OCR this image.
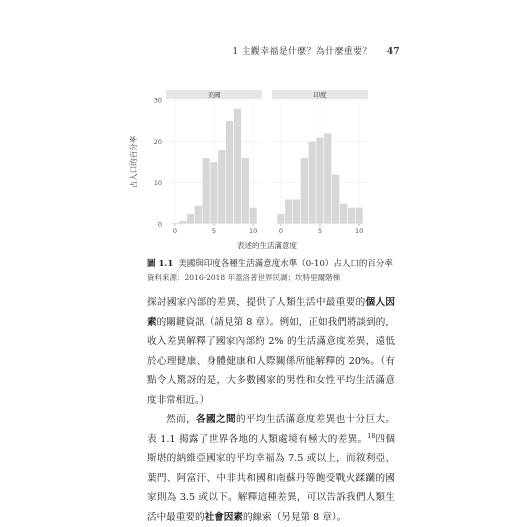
1 主觀幸福是什麼？為什麼重要？ 47
占人口的百分率
0
10
20
30
美國
0	5	10
印度
0	5	10
表述的生活滿意度
圖 1.1 美國與印度各種生活滿意度水準（0-10）占人口的百分率
資料來源：2016-2018 年蓋洛普世界民調；坎特里爾階梯

探討國家內部的差異，提供了人類生活中最重要的個人因素的關鍵資訊（請見第 8 章）。例如，正如我們將談到的，收入差異解釋了國家內部約 2% 的生活滿意度差異，遠低於心理健康、身體健康和人際關係所能解釋的 20%。（有點令人驚訝的是，大多數國家的男性和女性平均生活滿意度非常相近。）

然而，各國之間的平均生活滿意度差異也十分巨大。表 1.1 揭露了世界各地的人類處境有極大的差異。$^{18}$四個斯堪的納維亞國家的平均幸福為 7.5 或以上，而敘利亞、葉門、阿富汗、中非共和國和南蘇丹等飽受戰火蹂躪的國家則為 3.5 或以下。解釋這種差異，可以告訴我們人類生活中最重要的社會因素的線索（另見第 8 章）。
